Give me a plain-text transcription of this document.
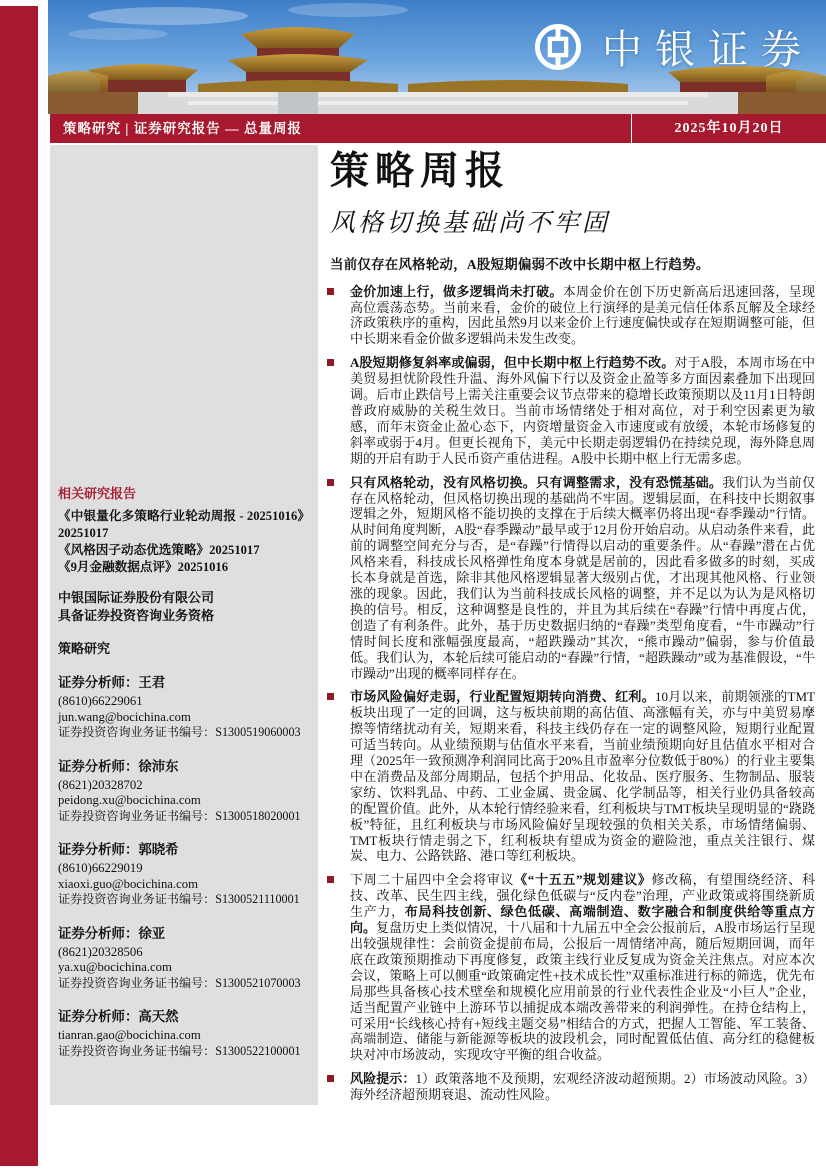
中银证券
策略研究 | 证券研究报告 — 总量周报	2025年10月20日
相关研究报告
《中银量化多策略行业轮动周报 - 20251016》20251017
《风格因子动态优选策略》20251017
《9月金融数据点评》20251016
中银国际证券股份有限公司
具备证券投资咨询业务资格
策略研究
证券分析师：王君
(8610)66229061
jun.wang@bocichina.com
证券投资咨询业务证书编号：S1300519060003
证券分析师：徐沛东
(8621)20328702
peidong.xu@bocichina.com
证券投资咨询业务证书编号：S1300518020001
证券分析师：郭晓希
(8610)66229019
xiaoxi.guo@bocichina.com
证券投资咨询业务证书编号：S1300521110001
证券分析师：徐亚
(8621)20328506
ya.xu@bocichina.com
证券投资咨询业务证书编号：S1300521070003
证券分析师：高天然
tianran.gao@bocichina.com
证券投资咨询业务证书编号：S1300522100001
策略周报
风格切换基础尚不牢固
当前仅存在风格轮动，A股短期偏弱不改中长期中枢上行趋势。
金价加速上行，做多逻辑尚未打破。本周金价在创下历史新高后迅速回落，呈现高位震荡态势。当前来看，金价的破位上行演绎的是美元信任体系瓦解及全球经济政策秩序的重构，因此虽然9月以来金价上行速度偏快或存在短期调整可能，但中长期来看金价做多逻辑尚未发生改变。
A股短期修复斜率或偏弱，但中长期中枢上行趋势不改。对于A股，本周市场在中美贸易担忧阶段性升温、海外风偏下行以及资金止盈等多方面因素叠加下出现回调。后市止跌信号上需关注重要会议节点带来的稳增长政策预期以及11月1日特朗普政府威胁的关税生效日。当前市场情绪处于相对高位，对于利空因素更为敏感，而年末资金止盈心态下，内资增量资金入市速度或有放缓，本轮市场修复的斜率或弱于4月。但更长视角下，美元中长期走弱逻辑仍在持续兑现，海外降息周期的开启有助于人民币资产重估进程。A股中长期中枢上行无需多虑。
只有风格轮动，没有风格切换。只有调整需求，没有恐慌基础。我们认为当前仅存在风格轮动，但风格切换出现的基础尚不牢固。逻辑层面，在科技中长期叙事逻辑之外，短期风格不能切换的支撑在于后续大概率仍将出现“春季躁动”行情。从时间角度判断，A股“春季躁动”最早或于12月份开始启动。从启动条件来看，此前的调整空间充分与否，是“春躁”行情得以启动的重要条件。从“春躁”潜在占优风格来看，科技成长风格弹性角度本身就是居前的，因此看多做多的时刻，买成长本身就是首选，除非其他风格逻辑显著大级别占优，才出现其他风格、行业领涨的现象。因此，我们认为当前科技成长风格的调整，并不足以为认为是风格切换的信号。相反，这种调整是良性的，并且为其后续在“春躁”行情中再度占优，创造了有利条件。此外，基于历史数据归纳的“春躁”类型角度看，“牛市躁动”行情时间长度和涨幅强度最高，“超跌躁动”其次，“熊市躁动”偏弱，参与价值最低。我们认为，本轮后续可能启动的“春躁”行情，“超跌躁动”或为基准假设，“牛市躁动”出现的概率同样存在。
市场风险偏好走弱，行业配置短期转向消费、红利。10月以来，前期领涨的TMT板块出现了一定的回调，这与板块前期的高估值、高涨幅有关，亦与中美贸易摩擦等情绪扰动有关，短期来看，科技主线仍存在一定的调整风险，短期行业配置可适当转向。从业绩预期与估值水平来看，当前业绩预期向好且估值水平相对合理（2025年一致预测净利润同比高于20%且市盈率分位数低于80%）的行业主要集中在消费品及部分周期品，包括个护用品、化妆品、医疗服务、生物制品、服装家纺、饮料乳品、中药、工业金属、贵金属、化学制品等，相关行业仍具备较高的配置价值。此外，从本轮行情经验来看，红利板块与TMT板块呈现明显的“跷跷板”特征，且红利板块与市场风险偏好呈现较强的负相关关系，市场情绪偏弱、TMT板块行情走弱之下，红利板块有望成为资金的避险池，重点关注银行、煤炭、电力、公路铁路、港口等红利板块。
下周二十届四中全会将审议《“十五五”规划建议》修改稿，有望围绕经济、科技、改革、民生四主线，强化绿色低碳与“反内卷”治理，产业政策或将围绕新质生产力，布局科技创新、绿色低碳、高端制造、数字融合和制度供给等重点方向。复盘历史上类似情况，十八届和十九届五中全会公报前后，A股市场运行呈现出较强规律性：会前资金提前布局，公报后一周情绪冲高，随后短期回调，而年底在政策预期推动下再度修复，政策主线行业反复成为资金关注焦点。对应本次会议，策略上可以侧重“政策确定性+技术成长性”双重标准进行标的筛选，优先布局那些具备核心技术壁垒和规模化应用前景的行业代表性企业及“小巨人”企业，适当配置产业链中上游环节以捕捉成本端改善带来的利润弹性。在持仓结构上，可采用“长线核心持有+短线主题交易”相结合的方式，把握人工智能、军工装备、高端制造、储能与新能源等板块的波段机会，同时配置低估值、高分红的稳健板块对冲市场波动，实现攻守平衡的组合收益。
风险提示：1）政策落地不及预期，宏观经济波动超预期。2）市场波动风险。3）海外经济超预期衰退、流动性风险。
